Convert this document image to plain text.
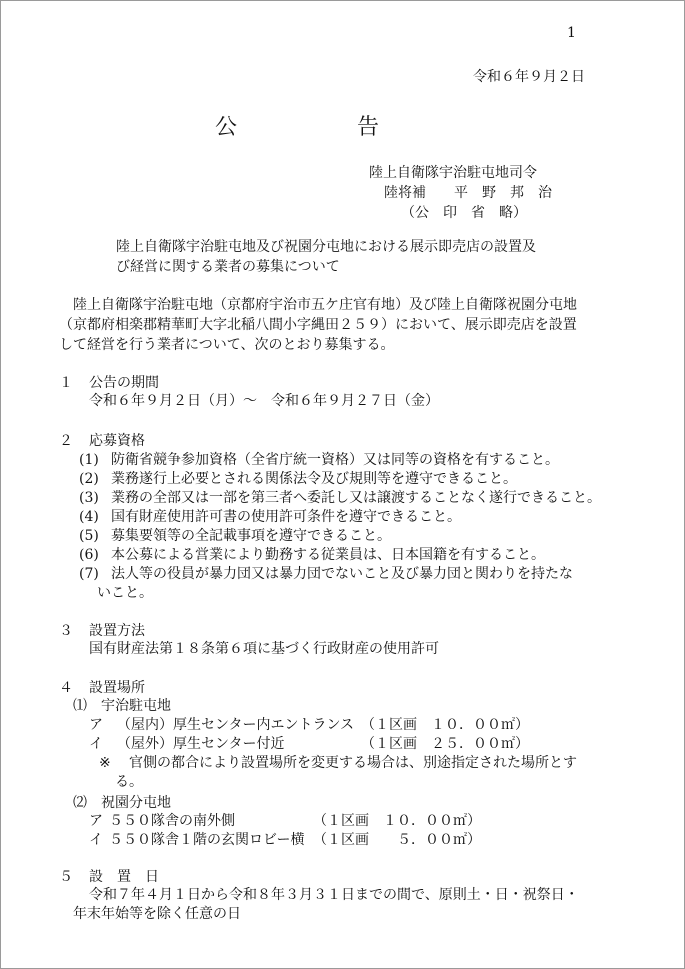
1
令和６年９月２日
公	告
陸上自衛隊宇治駐屯地司令
陸将補　　平　野　邦　治
（公　印　省　略）
陸上自衛隊宇治駐屯地及び祝園分屯地における展示即売店の設置及
び経営に関する業者の募集について
陸上自衛隊宇治駐屯地（京都府宇治市五ケ庄官有地）及び陸上自衛隊祝園分屯地
（京都府相楽郡精華町大字北稲八間小字縄田２５９）において、展示即売店を設置
して経営を行う業者について、次のとおり募集する。
１ 公告の期間
令和６年９月２日（月）～　令和６年９月２７日（金）
２ 応募資格
(1) 防衛省競争参加資格（全省庁統一資格）又は同等の資格を有すること。
(2) 業務遂行上必要とされる関係法令及び規則等を遵守できること。
(3) 業務の全部又は一部を第三者へ委託し又は譲渡することなく遂行できること。
(4) 国有財産使用許可書の使用許可条件を遵守できること。
(5) 募集要領等の全記載事項を遵守できること。
(6) 本公募による営業により勤務する従業員は、日本国籍を有すること。
(7) 法人等の役員が暴力団又は暴力団でないこと及び暴力団と関わりを持たな
いこと。
３ 設置方法
国有財産法第１８条第６項に基づく行政財産の使用許可
４ 設置場所
⑴ 宇治駐屯地
ア （屋内）厚生センター内エントランス （１区画　１０．００㎡）
イ （屋外）厚生センター付近	（１区画　２５．００㎡）
※ 官側の都合により設置場所を変更する場合は、別途指定された場所とす
る。
⑵ 祝園分屯地
ア ５５０隊舎の南外側	（１区画　１０．００㎡）
イ ５５０隊舎１階の玄関ロビー横 （１区画　　５．００㎡）
５ 設　置　日
令和７年４月１日から令和８年３月３１日までの間で、原則土・日・祝祭日・
年末年始等を除く任意の日
